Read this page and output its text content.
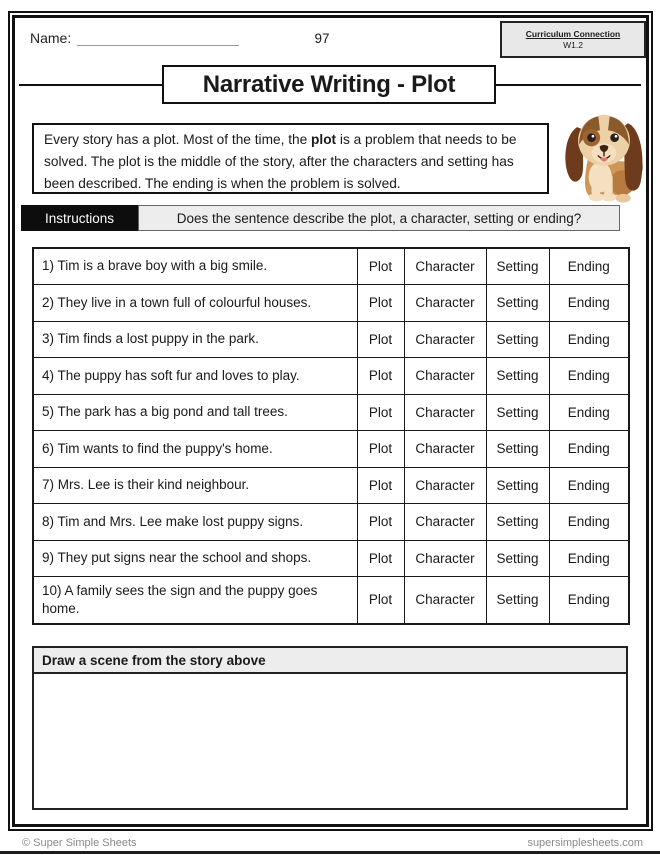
Name:	97	Curriculum Connection
W1.2
Narrative Writing - Plot
Every story has a plot. Most of the time, the plot is a problem that needs to be solved. The plot is the middle of the story, after the characters and setting has been described. The ending is when the problem is solved.
Instructions	Does the sentence describe the plot, a character, setting or ending?
1) Tim is a brave boy with a big smile.	Plot	Character	Setting	Ending
2) They live in a town full of colourful houses.	Plot	Character	Setting	Ending
3) Tim finds a lost puppy in the park.	Plot	Character	Setting	Ending
4) The puppy has soft fur and loves to play.	Plot	Character	Setting	Ending
5) The park has a big pond and tall trees.	Plot	Character	Setting	Ending
6) Tim wants to find the puppy's home.	Plot	Character	Setting	Ending
7) Mrs. Lee is their kind neighbour.	Plot	Character	Setting	Ending
8) Tim and Mrs. Lee make lost puppy signs.	Plot	Character	Setting	Ending
9) They put signs near the school and shops.	Plot	Character	Setting	Ending
10) A family sees the sign and the puppy goes home.	Plot	Character	Setting	Ending
Draw a scene from the story above
© Super Simple Sheets	supersimplesheets.com
